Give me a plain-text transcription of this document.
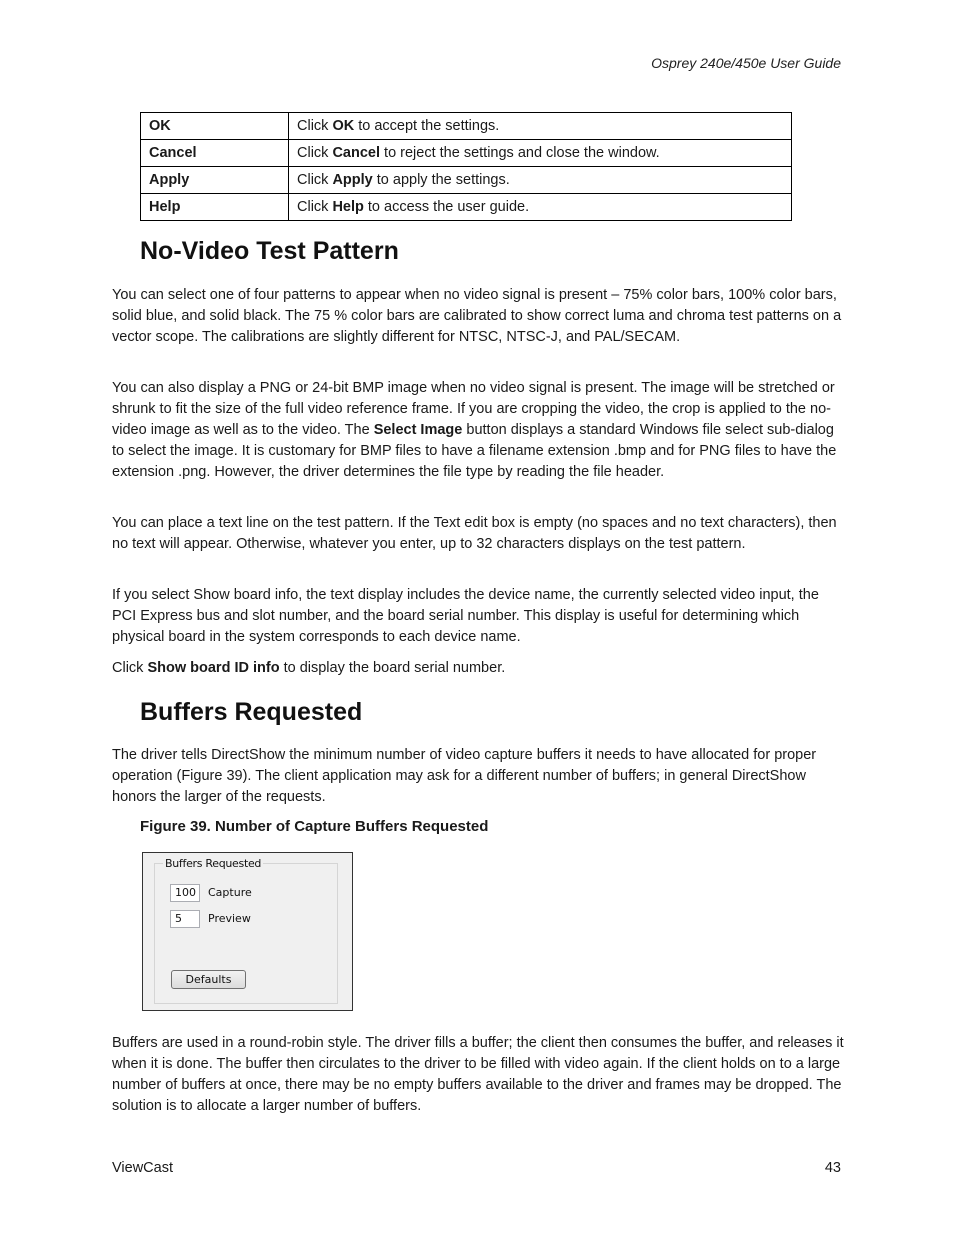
Osprey 240e/450e User Guide
OK	Click OK to accept the settings.
Cancel	Click Cancel to reject the settings and close the window.
Apply	Click Apply to apply the settings.
Help	Click Help to access the user guide.
No-Video Test Pattern

You can select one of four patterns to appear when no video signal is present – 75% color bars, 100% color bars, solid blue, and solid black. The 75 % color bars are calibrated to show correct luma and chroma test patterns on a vector scope. The calibrations are slightly different for NTSC, NTSC-J, and PAL/SECAM.

You can also display a PNG or 24-bit BMP image when no video signal is present. The image will be stretched or shrunk to fit the size of the full video reference frame. If you are cropping the video, the crop is applied to the no-video image as well as to the video. The Select Image button displays a standard Windows file select sub-dialog to select the image. It is customary for BMP files to have a filename extension .bmp and for PNG files to have the extension .png. However, the driver determines the file type by reading the file header.

You can place a text line on the test pattern. If the Text edit box is empty (no spaces and no text characters), then no text will appear. Otherwise, whatever you enter, up to 32 characters displays on the test pattern.

If you select Show board info, the text display includes the device name, the currently selected video input, the PCI Express bus and slot number, and the board serial number. This display is useful for determining which physical board in the system corresponds to each device name.

Click Show board ID info to display the board serial number.

Buffers Requested

The driver tells DirectShow the minimum number of video capture buffers it needs to have allocated for proper operation (Figure 39). The client application may ask for a different number of buffers; in general DirectShow honors the larger of the requests.

Figure 39. Number of Capture Buffers Requested

Buffers Requested
100	Capture
5	Preview
Defaults

Buffers are used in a round-robin style. The driver fills a buffer; the client then consumes the buffer, and releases it when it is done. The buffer then circulates to the driver to be filled with video again. If the client holds on to a large number of buffers at once, there may be no empty buffers available to the driver and frames may be dropped. The solution is to allocate a larger number of buffers.

ViewCast	43
